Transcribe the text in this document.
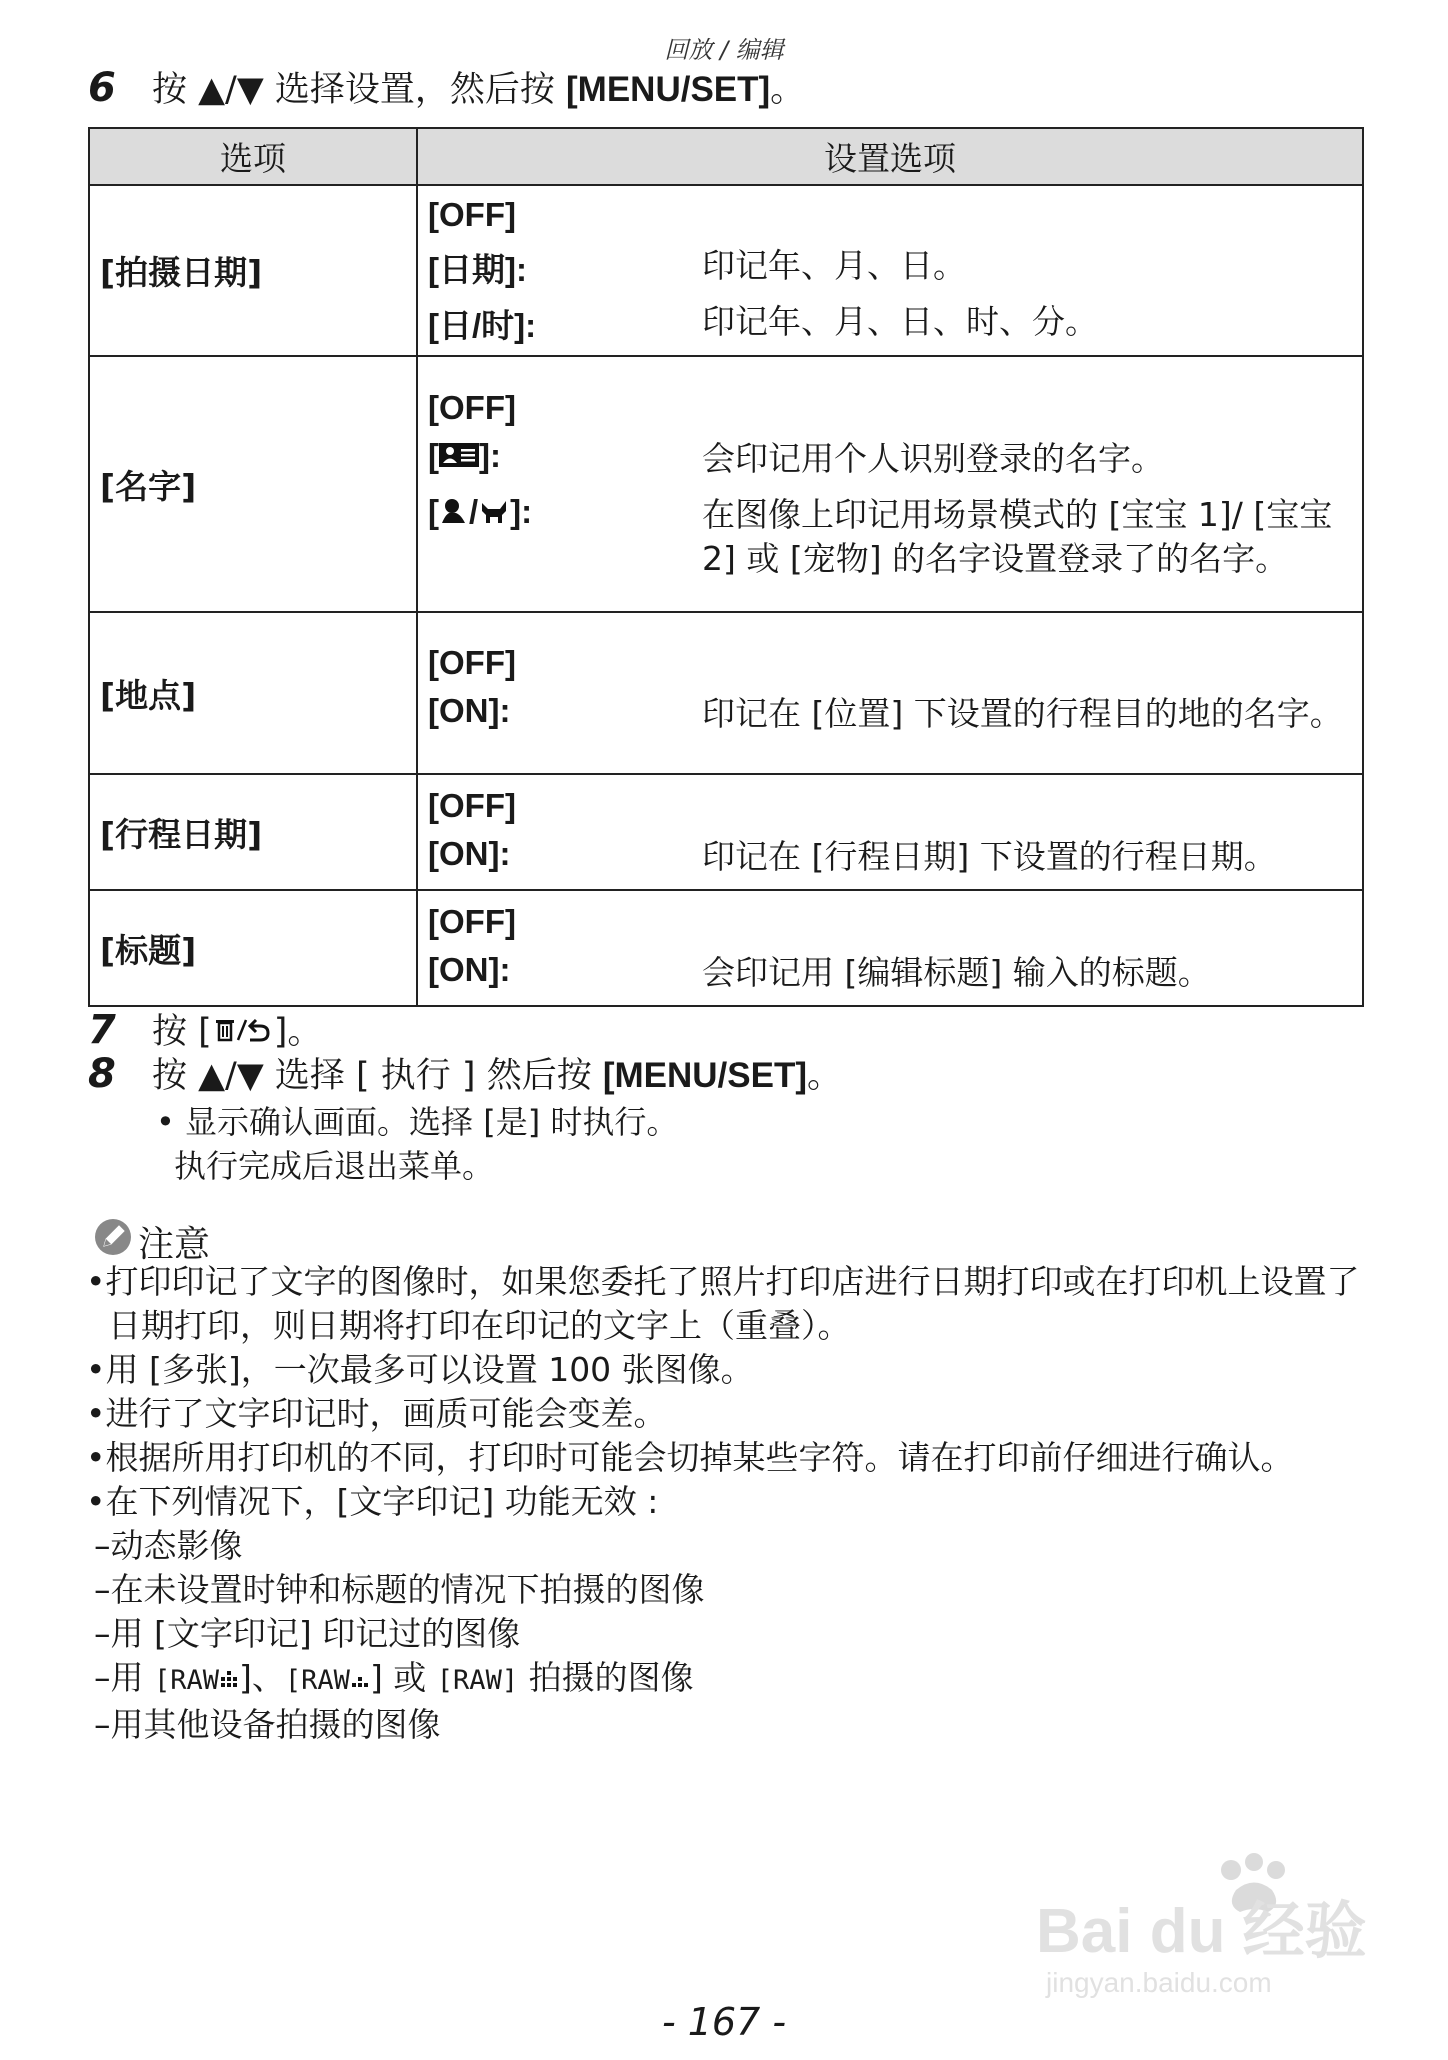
回放 / 编辑
6 按 ▲/▼ 选择设置，然后按 [MENU/SET]。
选项	设置选项
[拍摄日期]	[OFF]
[日期]: 印记年、月、日。
[日/时]: 印记年、月、日、时、分。

[名字]	[OFF]
[ ]: 会印记用个人识别登录的名字。
[ / ]: 在图像上印记用场景模式的 [宝宝 1]/ [宝宝 2] 或 [宠物] 的名字设置登录了的名字。

[地点]	[OFF]
[ON]: 印记在 [位置] 下设置的行程目的地的名字。

[行程日期]	[OFF]
[ON]: 印记在 [行程日期] 下设置的行程日期。

[标题]	[OFF]
[ON]: 会印记用 [编辑标题] 输入的标题。
7 按 [ ]。
8 按 ▲/▼ 选择 [ 执行 ] 然后按 [MENU/SET]。
• 显示确认画面。选择 [是] 时执行。
执行完成后退出菜单。
注意
•打印印记了文字的图像时，如果您委托了照片打印店进行日期打印或在打印机上设置了日期打印，则日期将打印在印记的文字上（重叠）。
•用 [多张]，一次最多可以设置 100 张图像。
•进行了文字印记时，画质可能会变差。
•根据所用打印机的不同，打印时可能会切掉某些字符。请在打印前仔细进行确认。
•在下列情况下，[文字印记] 功能无效 :
–动态影像
–在未设置时钟和标题的情况下拍摄的图像
–用 [文字印记] 印记过的图像
–用 [RAW ]、[RAW ] 或 [RAW] 拍摄的图像
–用其他设备拍摄的图像
Bai du 经验
jingyan.baidu.com
- 167 -
